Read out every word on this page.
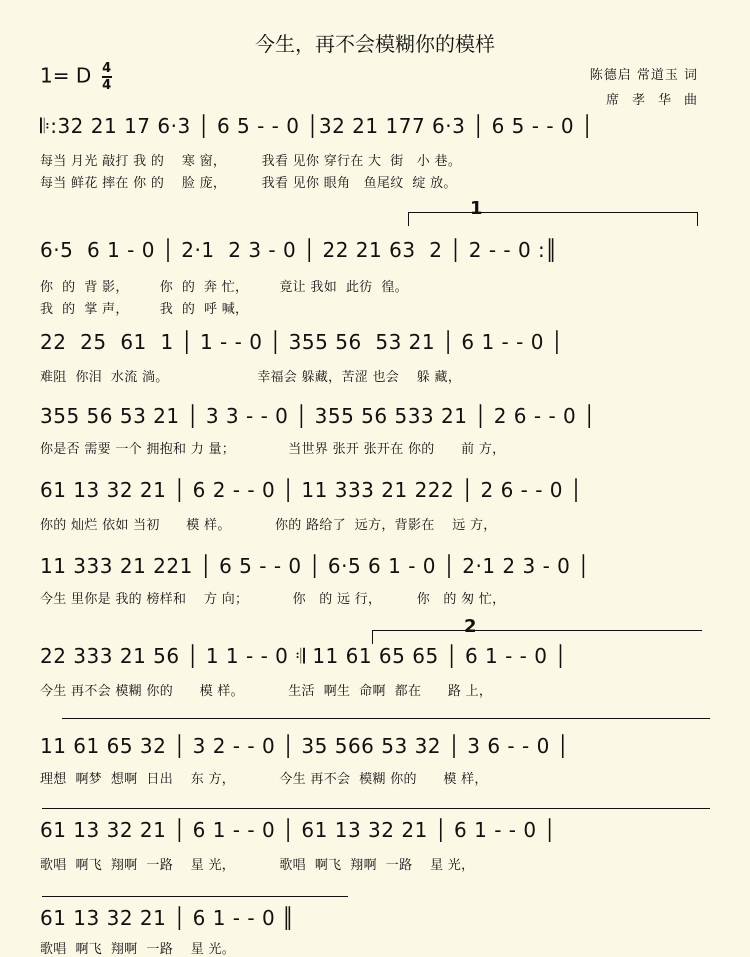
今生，再不会模糊你的模样
1= D $\frac{4}{4}$	陈德启 常道玉 词
席孝华曲
𝄆:32 21 17 6·3 │ 6 5 - - 0 │32 21 177 6·3 │ 6 5 - - 0 │
每当 月光 敲打 我 的    寒 窗，        我看 见你 穿行在 大  街   小 巷。
每当 鲜花 摔在 你 的    脸 庞，        我看 见你 眼角   鱼尾纹  绽 放。
1
6·5  6 1 - 0 │ 2·1  2 3 - 0 │ 22 21 63  2 │ 2 - - 0 :║
你  的  背 影，       你  的  奔 忙，       竟让 我如  此彷  徨。
我  的  掌 声，       我  的  呼 喊，
22  25  61  1 │ 1 - - 0 │ 355 56  53 21 │ 6 1 - - 0 │
难阻  你泪  水流 淌。                    幸福会 躲藏，苦涩 也会    躲 藏，
355 56 53 21 │ 3 3 - - 0 │ 355 56 533 21 │ 2 6 - - 0 │
你是否 需要 一个 拥抱和 力 量；            当世界 张开 张开在 你的      前 方，
61 13 32 21 │ 6 2 - - 0 │ 11 333 21 222 │ 2 6 - - 0 │
你的 灿烂 依如 当初      模 样。          你的 路给了  远方，背影在    远 方，
11 333 21 221 │ 6 5 - - 0 │ 6·5 6 1 - 0 │ 2·1 2 3 - 0 │
今生 里你是 我的 榜样和    方 向；          你   的 远 行，        你   的 匆 忙，
2
22 333 21 56 │ 1 1 - - 0 𝄇 11 61 65 65 │ 6 1 - - 0 │
今生 再不会 模糊 你的      模 样。          生活  啊生  命啊  都在      路 上，
11 61 65 32 │ 3 2 - - 0 │ 35 566 53 32 │ 3 6 - - 0 │
理想  啊梦  想啊  日出    东 方，          今生 再不会  模糊 你的      模 样，
61 13 32 21 │ 6 1 - - 0 │ 61 13 32 21 │ 6 1 - - 0 │
歌唱  啊飞  翔啊  一路    星 光，          歌唱  啊飞  翔啊  一路    星 光，
61 13 32 21 │ 6 1 - - 0 ║
歌唱  啊飞  翔啊  一路    星 光。
